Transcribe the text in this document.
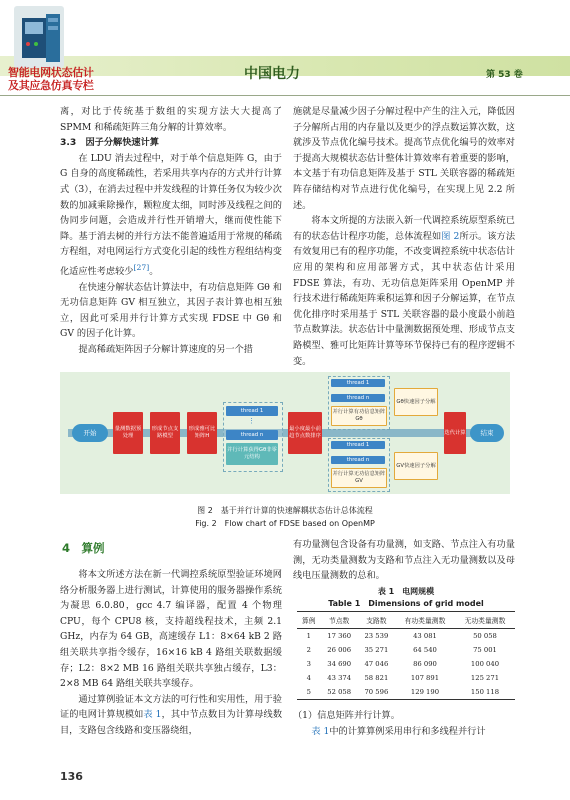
智能电网状态估计
及其应急仿真专栏
中国电力	第 53 卷

离，对比于传统基于数组的实现方法大大提高了SPMM 和稀疏矩阵三角分解的计算效率。

3.3　因子分解快速计算

在 LDU 消去过程中，对于单个信息矩阵 G，由于 G 自身的高度稀疏性，若采用共享内存的方式并行计算式（3），在消去过程中并发线程的计算任务仅为较少次数的加减乘除操作，颗粒度太细，同时涉及线程之间的伪同步问题，会造成并行性开销增大，继而使性能下降。基于消去树的并行方法不能普遍适用于常规的稀疏方程组，对电网运行方式变化引起的线性方程组结构变化适应性考虑较少[27]。

在快速分解状态估计算法中，有功信息矩阵 Gθ 和无功信息矩阵 GV 相互独立，其因子表计算也相互独立，因此可采用并行计算方式实现 FDSE 中 Gθ 和 GV 的因子化计算。

提高稀疏矩阵因子分解计算速度的另一个措

施就是尽量减少因子分解过程中产生的注入元，降低因子分解所占用的内存量以及更少的浮点数运算次数，这就涉及节点优化编号技术。提高节点优化编号的效率对于提高大规模状态估计整体计算效率有着重要的影响，本文基于有功信息矩阵及基于 STL 关联容器的稀疏矩阵存储结构对节点进行优化编号，在实现上见 2.2 所述。

将本文所提的方法嵌入新一代调控系统原型系统已有的状态估计程序功能，总体流程如图 2所示。该方法有效复用已有的程序功能，不改变调控系统中状态估计应用的架构和应用部署方式，其中状态估计采用 FDSE 算法，有功、无功信息矩阵采用 OpenMP 并行技术进行稀疏矩阵乘积运算和因子分解运算，在节点优化排序时采用基于 STL 关联容器的最小度最小前趋节点数算法。状态估计中量测数据预处理、形成节点支路模型、雅可比矩阵计算等环节保持已有的程序逻辑不变。

开始	量测数据预处理
形成节点支路模型
形成雅可比矩阵H
thread 1
⋮
thread n
并行计算获得Gθ非零元结构
最小度最小前趋节点数排序
thread 1
thread n
并行计算有功信息矩阵Gθ
Gθ快速因子分解
thread 1
thread n
并行计算无功信息矩阵GV
GV快速因子分解
迭代计算	结束
图 2　基于并行计算的快速解耦状态估计总体流程
Fig. 2　Flow chart of FDSE based on OpenMP
4　算例

将本文所述方法在新一代调控系统原型验证环境网络分析服务器上进行测试，计算使用的服务器操作系统为凝思 6.0.80，gcc 4.7 编译器，配置 4 个物理 CPU，每个 CPU8 核，支持超线程技术，主频 2.1 GHz，内存为 64 GB，高速缓存 L1：8×64 kB 2 路组关联共享指令缓存，16×16 kB 4 路组关联数据缓存；L2：8×2 MB 16 路组关联共享独占缓存，L3：2×8 MB 64 路组关联共享缓存。

通过算例验证本文方法的可行性和实用性，用于验证的电网计算规模如表 1，其中节点数目为计算母线数目，支路包含线路和变压器绕组，

有功量测包含设备有功量测，如支路、节点注入有功量测，无功类量测数为支路和节点注入无功量测数以及母线电压量测数的总和。

表 1　电网规模
Table 1　Dimensions of grid model
算例	节点数	支路数	有功类量测数	无功类量测数
1	17 360	23 539	43 081	50 058
2	26 006	35 271	64 540	75 001
3	34 690	47 046	86 090	100 040
4	43 374	58 821	107 891	125 271
5	52 058	70 596	129 190	150 118

（1）信息矩阵并行计算。

表 1中的计算算例采用串行和多线程并行计

136
